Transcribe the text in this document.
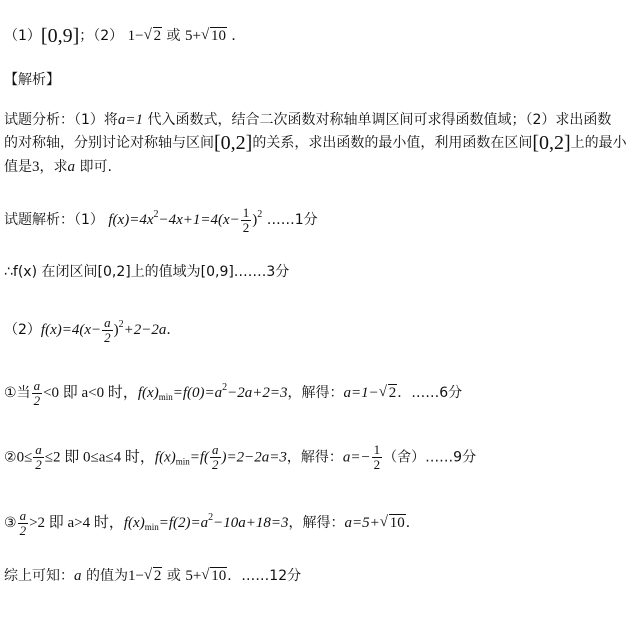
（1）[0,9]；（2） 1− √ 2 或 5+ √ 10 ．
【解析】
试题分析：（1）将a=1 代入函数式，结合二次函数对称轴单调区间可求得函数值域；（2）求出函数
的对称轴，分别讨论对称轴与区间[0,2]的关系，求出函数的最小值，利用函数在区间[0,2]上的最小
值是3，求a 即可.
试题解析：（1） $f(x)=4x^2-4x+1=4(x- \frac{1}{2} )^2$ ……1分
∴f(x) 在闭区间[0,2]上的值域为[0,9].……3分
$(2)f(x)=4(x- \frac{a}{2} )^2+2-2a$．
①当 $\frac{a}{2} <0$ 即 a<0 时，$f(x)_{min}=f(0)=a^2-2a+2=3$，解得：a=1− √ 2．……6分
②0≤ $\frac{a}{2} \le 2$ 即 0≤a≤4 时，$f(x)_{min}=f( \frac{a}{2} )=2-2a=3$，解得：$a=- \frac{1}{2}$ （舍）……9分
③ $\frac{a}{2} >2$ 即 a>4 时，$f(x)_{min}=f(2)=a^2-10a+18=3$，解得：a=5+ √ 10．
综上可知：a 的值为1− √ 2 或 5+ √ 10．……12分
